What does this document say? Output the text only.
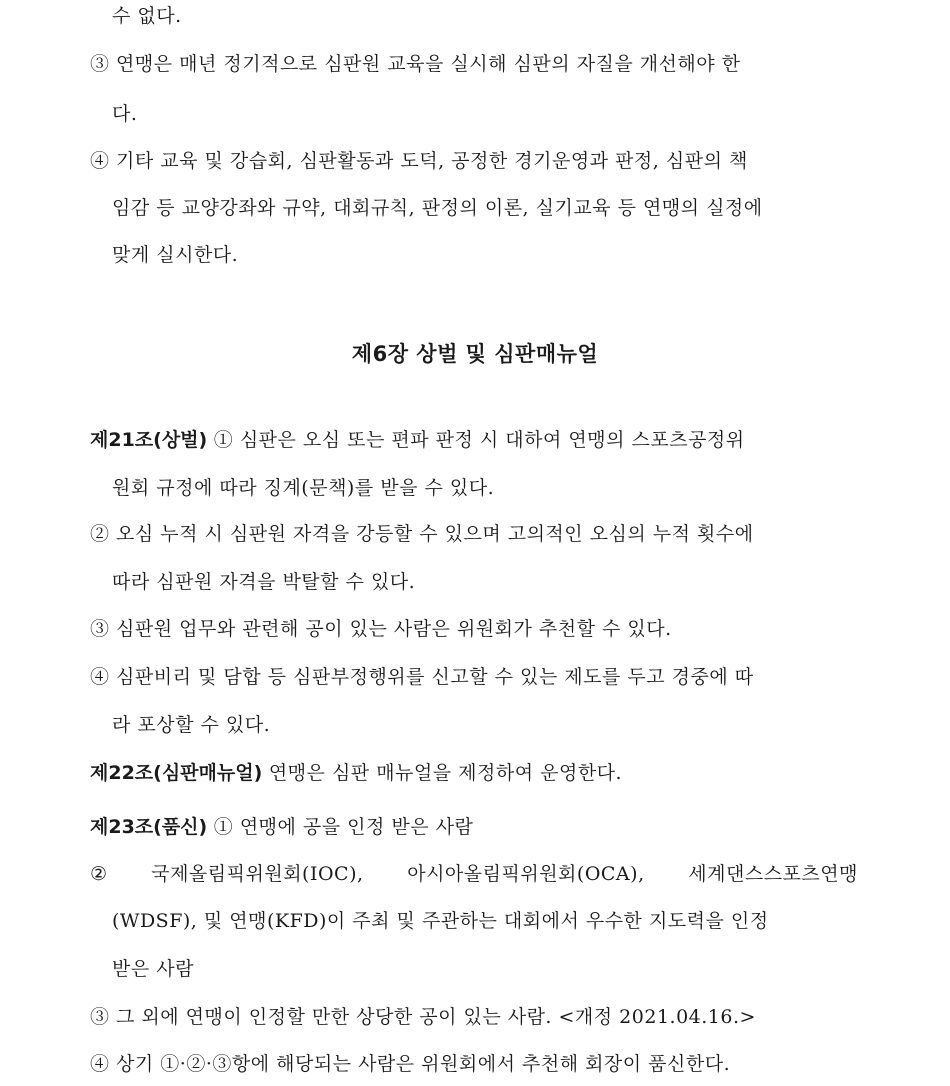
수 없다.
③ 연맹은 매년 정기적으로 심판원 교육을 실시해 심판의 자질을 개선해야 한
다.
④ 기타 교육 및 강습회, 심판활동과 도덕, 공정한 경기운영과 판정, 심판의 책
임감 등 교양강좌와 규약, 대회규칙, 판정의 이론, 실기교육 등 연맹의 실정에
맞게 실시한다.
제6장 상벌 및 심판매뉴얼
제21조(상벌) ① 심판은 오심 또는 편파 판정 시 대하여 연맹의 스포츠공정위
원회 규정에 따라 징계(문책)를 받을 수 있다.
② 오심 누적 시 심판원 자격을 강등할 수 있으며 고의적인 오심의 누적 횟수에
따라 심판원 자격을 박탈할 수 있다.
③ 심판원 업무와 관련해 공이 있는 사람은 위원회가 추천할 수 있다.
④ 심판비리 및 담합 등 심판부정행위를 신고할 수 있는 제도를 두고 경중에 따
라 포상할 수 있다.
제22조(심판매뉴얼) 연맹은 심판 매뉴얼을 제정하여 운영한다.
제23조(품신) ① 연맹에 공을 인정 받은 사람
② 국제올림픽위원회(IOC), 아시아올림픽위원회(OCA), 세계댄스스포츠연맹
(WDSF), 및 연맹(KFD)이 주최 및 주관하는 대회에서 우수한 지도력을 인정
받은 사람
③ 그 외에 연맹이 인정할 만한 상당한 공이 있는 사람. <개정 2021.04.16.>
④ 상기 ①·②·③항에 해당되는 사람은 위원회에서 추천해 회장이 품신한다.
